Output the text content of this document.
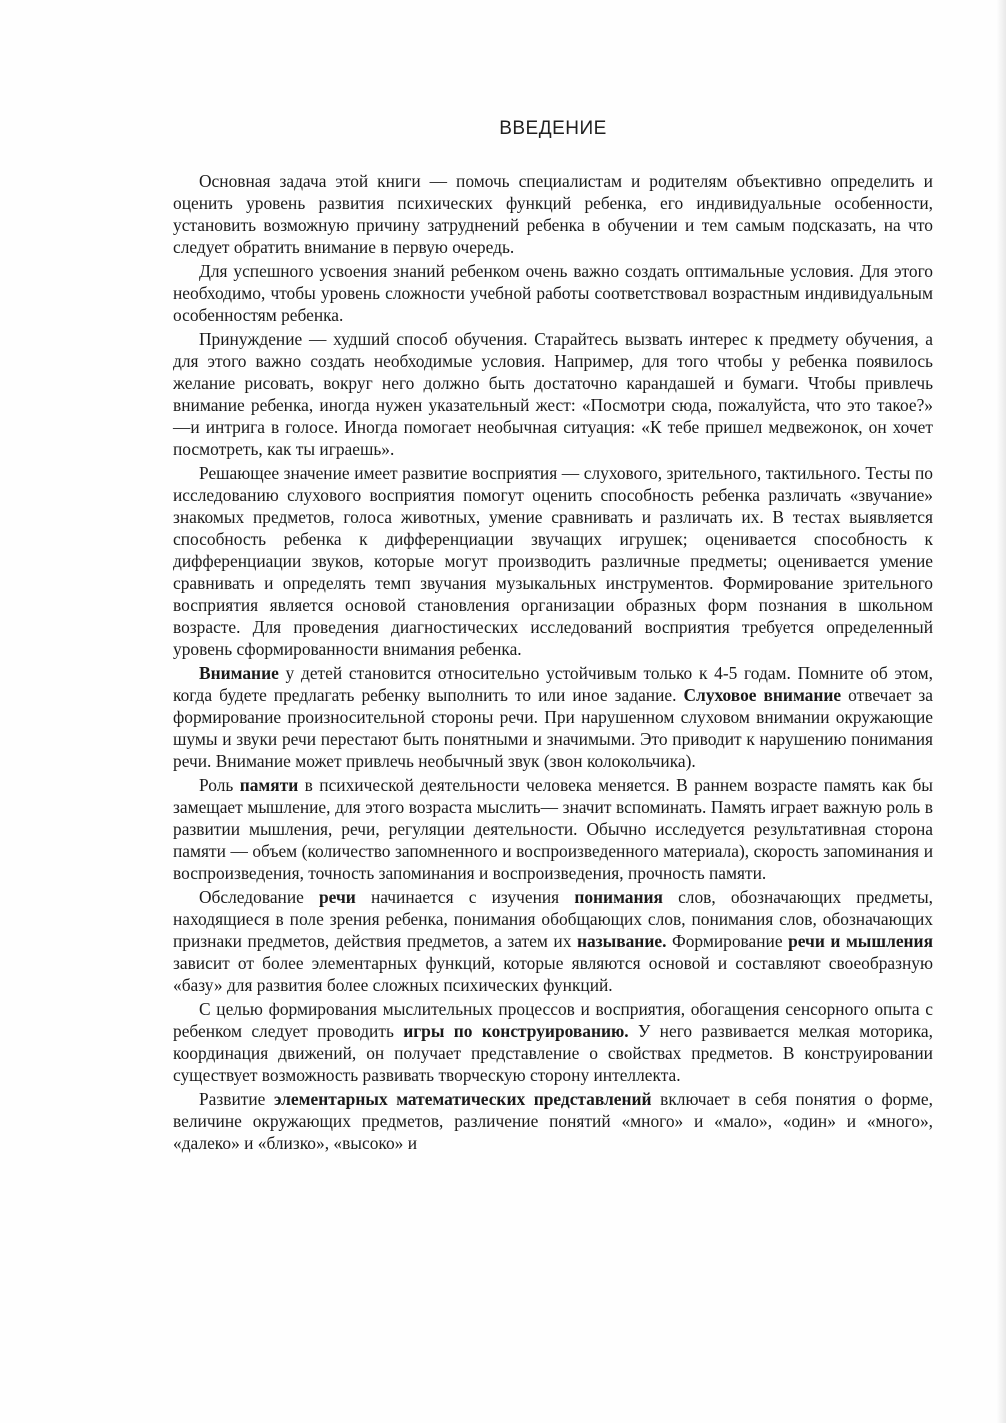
ВВЕДЕНИЕ

Основная задача этой книги — помочь специалистам и родителям объективно определить и оценить уровень развития психических функций ребенка, его индивидуальные особенности, установить возможную причину затруднений ребенка в обучении и тем самым подсказать, на что следует обратить внимание в первую очередь.

Для успешного усвоения знаний ребенком очень важно создать оптимальные условия. Для этого необходимо, чтобы уровень сложности учебной работы соответствовал возрастным индивидуальным особенностям ребенка.

Принуждение — худший способ обучения. Старайтесь вызвать интерес к предмету обучения, а для этого важно создать необходимые условия. Например, для того чтобы у ребенка появилось желание рисовать, вокруг него должно быть достаточно карандашей и бумаги. Чтобы привлечь внимание ребенка, иногда нужен указательный жест: «Посмотри сюда, пожалуйста, что это такое?» —и интрига в голосе. Иногда помогает необычная ситуация: «К тебе пришел медвежонок, он хочет посмотреть, как ты играешь».

Решающее значение имеет развитие восприятия — слухового, зрительного, тактильного. Тесты по исследованию слухового восприятия помогут оценить способность ребенка различать «звучание» знакомых предметов, голоса животных, умение сравнивать и различать их. В тестах выявляется способность ребенка к дифференциации звучащих игрушек; оценивается способность к дифференциации звуков, которые могут производить различные предметы; оценивается умение сравнивать и определять темп звучания музыкальных инструментов. Формирование зрительного восприятия является основой становления организации образных форм познания в школьном возрасте. Для проведения диагностических исследований восприятия требуется определенный уровень сформированности внимания ребенка.

Внимание у детей становится относительно устойчивым только к 4-5 годам. Помните об этом, когда будете предлагать ребенку выполнить то или иное задание. Слуховое внимание отвечает за формирование произносительной стороны речи. При нарушенном слуховом внимании окружающие шумы и звуки речи перестают быть понятными и значимыми. Это приводит к нарушению понимания речи. Внимание может привлечь необычный звук (звон колокольчика).

Роль памяти в психической деятельности человека меняется. В раннем возрасте память как бы замещает мышление, для этого возраста мыслить— значит вспоминать. Память играет важную роль в развитии мышления, речи, регуляции деятельности. Обычно исследуется результативная сторона памяти — объем (количество запомненного и воспроизведенного материала), скорость запоминания и воспроизведения, точность запоминания и воспроизведения, прочность памяти.

Обследование речи начинается с изучения понимания слов, обозначающих предметы, находящиеся в поле зрения ребенка, понимания обобщающих слов, понимания слов, обозначающих признаки предметов, действия предметов, а затем их называние. Формирование речи и мышления зависит от более элементарных функций, которые являются основой и составляют своеобразную «базу» для развития более сложных психических функций.

С целью формирования мыслительных процессов и восприятия, обогащения сенсорного опыта с ребенком следует проводить игры по конструированию. У него развивается мелкая моторика, координация движений, он получает представление о свойствах предметов. В конструировании существует возможность развивать творческую сторону интеллекта.

Развитие элементарных математических представлений включает в себя понятия о форме, величине окружающих предметов, различение понятий «много» и «мало», «один» и «много», «далеко» и «близко», «высоко» и
